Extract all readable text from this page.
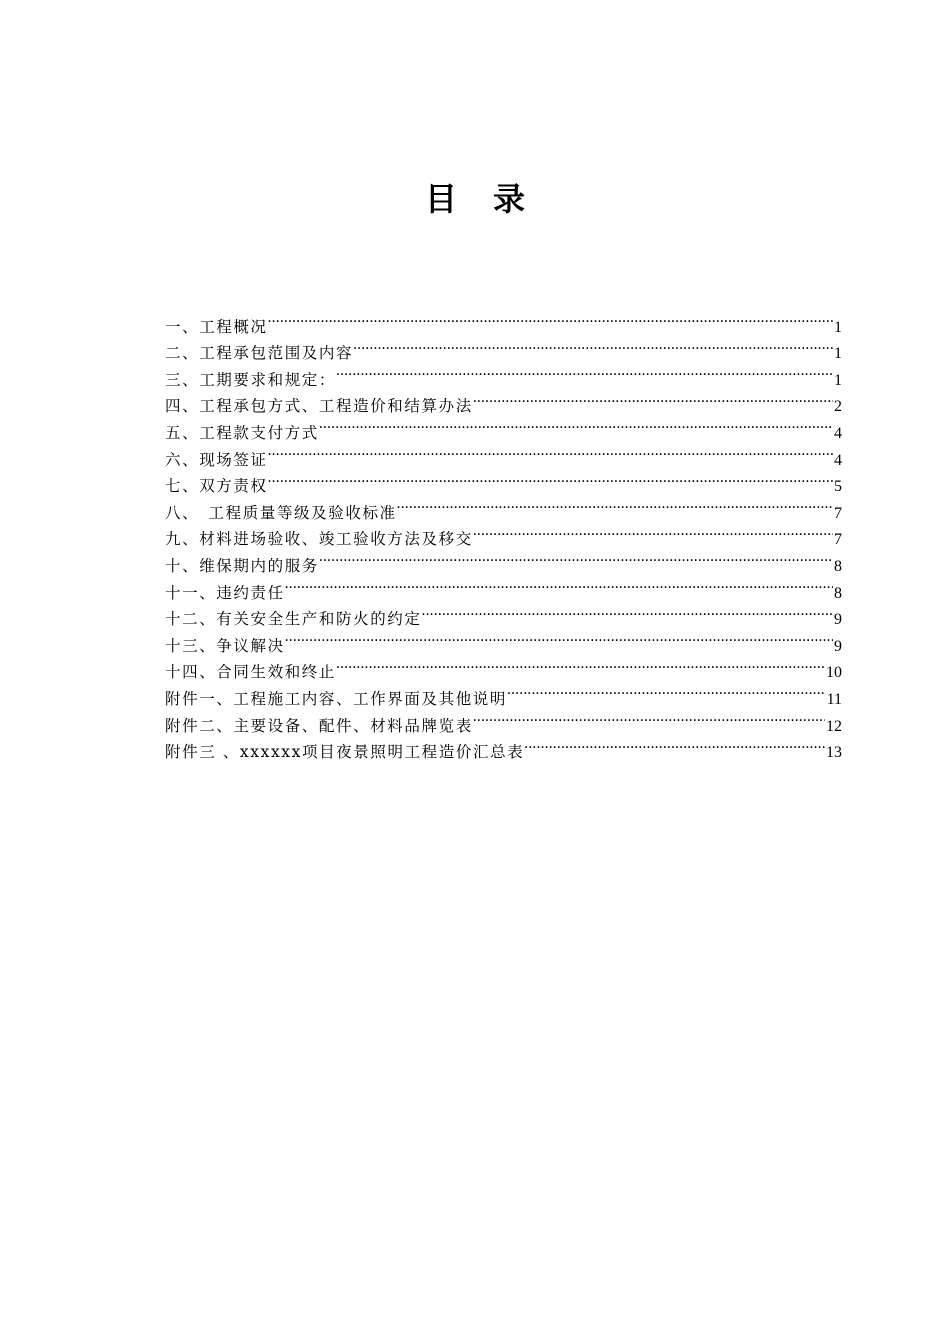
目 录
一、工程概况 .....	1
二、工程承包范围及内容 .....	1
三、工期要求和规定： .....	1
四、工程承包方式、工程造价和结算办法 .....	2
五、工程款支付方式 .....	4
六、现场签证 .....	4
七、双方责权 .....	5
八、　工程质量等级及验收标准 .....	7
九、材料进场验收、竣工验收方法及移交 .....	7
十、维保期内的服务 .....	8
十一、违约责任 .....	8
十二、有关安全生产和防火的约定 .....	9
十三、争议解决 .....	9
十四、合同生效和终止 .....	10
附件一、工程施工内容、工作界面及其他说明 .....	11
附件二、主要设备、配件、材料品牌览表 .....	12
附件三 、xxxxxx项目夜景照明工程造价汇总表 .....	13
